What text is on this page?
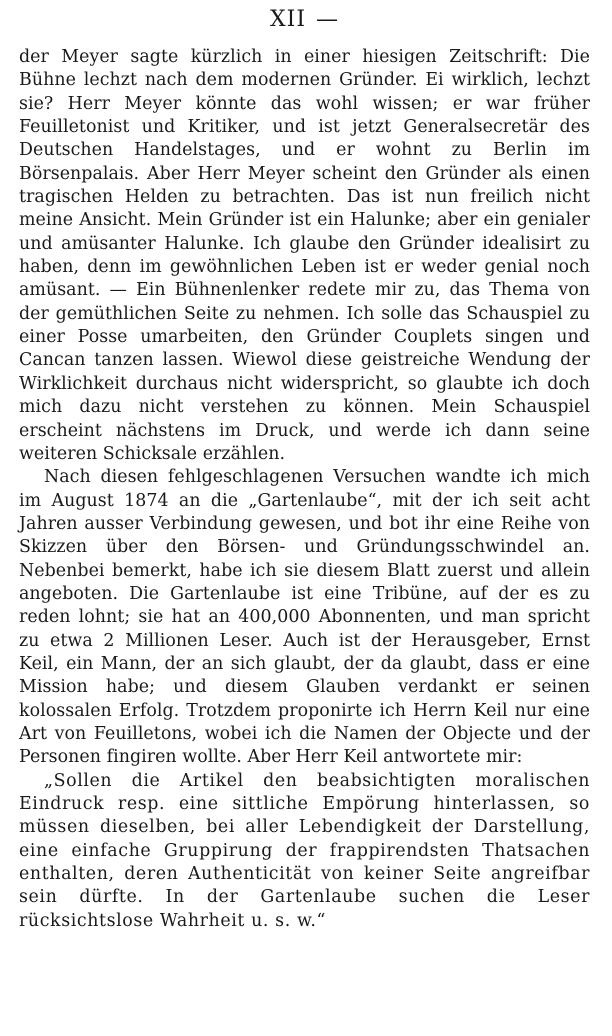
XII —

der Meyer sagte kürzlich in einer hiesigen Zeitschrift: Die Bühne lechzt nach dem modernen Gründer. Ei wirklich, lechzt sie? Herr Meyer könnte das wohl wissen; er war früher Feuilletonist und Kritiker, und ist jetzt Generalsecretär des Deutschen Handelstages, und er wohnt zu Berlin im Börsenpalais. Aber Herr Meyer scheint den Gründer als einen tragischen Helden zu betrachten. Das ist nun freilich nicht meine Ansicht. Mein Gründer ist ein Halunke; aber ein genialer und amüsanter Halunke. Ich glaube den Gründer idealisirt zu haben, denn im gewöhnlichen Leben ist er weder genial noch amüsant. — Ein Bühnenlenker redete mir zu, das Thema von der gemüthlichen Seite zu nehmen. Ich solle das Schauspiel zu einer Posse umarbeiten, den Gründer Couplets singen und Cancan tanzen lassen. Wiewol diese geistreiche Wendung der Wirklichkeit durchaus nicht widerspricht, so glaubte ich doch mich dazu nicht verstehen zu können. Mein Schauspiel erscheint nächstens im Druck, und werde ich dann seine weiteren Schicksale erzählen.

Nach diesen fehlgeschlagenen Versuchen wandte ich mich im August 1874 an die „Gartenlaube“, mit der ich seit acht Jahren ausser Verbindung gewesen, und bot ihr eine Reihe von Skizzen über den Börsen- und Gründungsschwindel an. Nebenbei bemerkt, habe ich sie diesem Blatt zuerst und allein angeboten. Die Gartenlaube ist eine Tribüne, auf der es zu reden lohnt; sie hat an 400,000 Abonnenten, und man spricht zu etwa 2 Millionen Leser. Auch ist der Herausgeber, Ernst Keil, ein Mann, der an sich glaubt, der da glaubt, dass er eine Mission habe; und diesem Glauben verdankt er seinen kolossalen Erfolg. Trotzdem proponirte ich Herrn Keil nur eine Art von Feuilletons, wobei ich die Namen der Objecte und der Personen fingiren wollte. Aber Herr Keil antwortete mir:

„Sollen die Artikel den beabsichtigten moralischen Eindruck resp. eine sittliche Empörung hinterlassen, so müssen dieselben, bei aller Lebendigkeit der Darstellung, eine einfache Gruppirung der frappirendsten Thatsachen enthalten, deren Authenticität von keiner Seite angreifbar sein dürfte. In der Gartenlaube suchen die Leser rücksichtslose Wahrheit u. s. w.“
